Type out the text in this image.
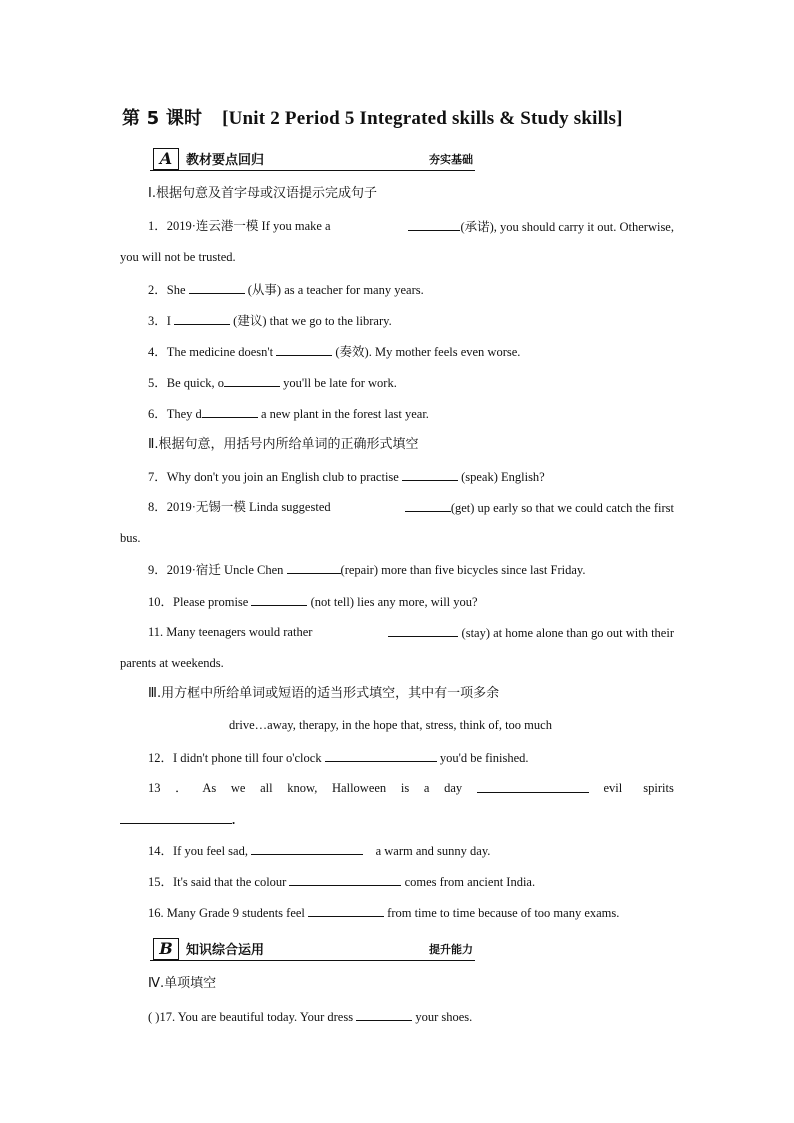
第 5 课时 [Unit 2 Period 5 Integrated skills & Study skills]
A	教材要点回归	夯实基础
Ⅰ.根据句意及首字母或汉语提示完成句子
1．2019·连云港一模 If you make a	(承诺), you should carry it out. Otherwise,
you will not be trusted.
2．She	(从事) as a teacher for many years.
3．I	(建议) that we go to the library.
4．The medicine doesn't	(奏效). My mother feels even worse.
5．Be quick, o	you'll be late for work.
6．They d	a new plant in the forest last year.
Ⅱ.根据句意，用括号内所给单词的正确形式填空
7．Why don't you join an English club to practise	(speak) English?
8．2019·无锡一模 Linda suggested	(get) up early so that we could catch the first
bus.
9．2019·宿迁 Uncle Chen	(repair) more than five bicycles since last Friday.
10．Please promise	(not tell) lies any more, will you?
11. Many teenagers would rather	(stay) at home alone than go out with their
parents at weekends.
Ⅲ.用方框中所给单词或短语的适当形式填空，其中有一项多余
drive…away, therapy, in the hope that, stress, think of, too much
12．I didn't phone till four o'clock	you'd be finished.
13 ． As we all know, Halloween is a day	evil spirits
.
14．If you feel sad,	a warm and sunny day.
15．It's said that the colour	comes from ancient India.
16. Many Grade 9 students feel	from time to time because of too many exams.
B	知识综合运用	提升能力
Ⅳ.单项填空
( )17. You are beautiful today. Your dress	your shoes.
